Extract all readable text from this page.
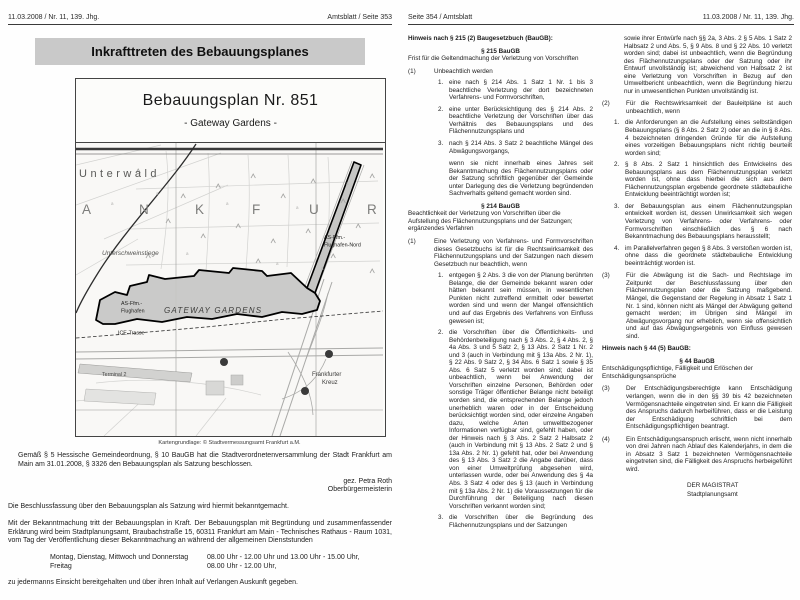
11.03.2008 / Nr. 11, 139. Jhg.	Amtsblatt / Seite 353
Inkrafttreten des Bebauungsplanes
Bebauungsplan Nr. 851
- Gateway Gardens -
a
a
a
a
a
a
a
a
Unterwald
A	N	K	F	U	R
Unterschweinstiege
AS-Ffm.-
Flughafen-Nord
AS-Ffm.-
Flughafen GATEWAY GARDENS
ICE-Trasse
Terminal 2	Frankfurter
Kreuz
Kartengrundlage: © Stadtvermessungsamt Frankfurt a.M.

Gemäß § 5 Hessische Gemeindeordnung, § 10 BauGB hat die Stadtverordnetenversammlung der Stadt Frankfurt am Main am 31.01.2008, § 3326 den Bebauungsplan als Satzung beschlossen.

gez. Petra Roth
Oberbürgermeisterin

Die Beschlussfassung über den Bebauungsplan als Satzung wird hiermit bekanntgemacht.

Mit der Bekanntmachung tritt der Bebauungsplan in Kraft. Der Bebauungsplan mit Begründung und zusammenfassender Erklärung wird beim Stadtplanungsamt, Braubachstraße 15, 60311 Frankfurt am Main - Technisches Rathaus - Raum 1031, vom Tag der Veröffentlichung dieser Bekanntmachung an während der allgemeinen Dienststunden

Montag, Dienstag, Mittwoch und Donnerstag	08.00 Uhr - 12.00 Uhr und 13.00 Uhr - 15.00 Uhr,
Freitag	08.00 Uhr - 12.00 Uhr,

zu jedermanns Einsicht bereitgehalten und über ihren Inhalt auf Verlangen Auskunft gegeben.

Seite 354 / Amtsblatt	11.03.2008 / Nr. 11, 139. Jhg.
Hinweis nach § 215 (2) Baugesetzbuch (BauGB):
§ 215 BauGB
Frist für die Geltendmachung der Verletzung von Vorschriften
(1)	Unbeachtlich werden
1. eine nach § 214 Abs. 1 Satz 1 Nr. 1 bis 3 beachtliche Verletzung der dort bezeichneten Verfahrens- und Formvorschriften,
2. eine unter Berücksichtigung des § 214 Abs. 2 beachtliche Verletzung der Vorschriften über das Verhältnis des Bebauungsplans und des Flächennutzungsplans und
3. nach § 214 Abs. 3 Satz 2 beachtliche Mängel des Abwägungsvorgangs,
wenn sie nicht innerhalb eines Jahres seit Bekanntmachung des Flächennutzungsplans oder der Satzung schriftlich gegenüber der Gemeinde unter Darlegung des die Verletzung begründenden Sachverhalts geltend gemacht worden sind.
§ 214 BauGB
Beachtlichkeit der Verletzung von Vorschriften über die Aufstellung des Flächennutzungsplans und der Satzungen; ergänzendes Verfahren
(1)	Eine Verletzung von Verfahrens- und Formvorschriften dieses Gesetzbuchs ist für die Rechtswirksamkeit des Flächennutzungsplans und der Satzungen nach diesem Gesetzbuch nur beachtlich, wenn
1. entgegen § 2 Abs. 3 die von der Planung berührten Belange, die der Gemeinde bekannt waren oder hätten bekannt sein müssen, in wesentlichen Punkten nicht zutreffend ermittelt oder bewertet worden sind und wenn der Mangel offensichtlich und auf das Ergebnis des Verfahrens von Einfluss gewesen ist;
2. die Vorschriften über die Öffentlichkeits- und Behördenbeteiligung nach § 3 Abs. 2, § 4 Abs. 2, § 4a Abs. 3 und 5 Satz 2, § 13 Abs. 2 Satz 1 Nr. 2 und 3 (auch in Verbindung mit § 13a Abs. 2 Nr. 1), § 22 Abs. 9 Satz 2, § 34 Abs. 6 Satz 1 sowie § 35 Abs. 6 Satz 5 verletzt worden sind; dabei ist unbeachtlich, wenn bei Anwendung der Vorschriften einzelne Personen, Behörden oder sonstige Träger öffentlicher Belange nicht beteiligt worden sind, die entsprechenden Belange jedoch unerheblich waren oder in der Entscheidung berücksichtigt worden sind, oder einzelne Angaben dazu, welche Arten umweltbezogener Informationen verfügbar sind, gefehlt haben, oder der Hinweis nach § 3 Abs. 2 Satz 2 Halbsatz 2 (auch in Verbindung mit § 13 Abs. 2 Satz 2 und § 13a Abs. 2 Nr. 1) gefehlt hat, oder bei Anwendung des § 13 Abs. 3 Satz 2 die Angabe darüber, dass von einer Umweltprüfung abgesehen wird, unterlassen wurde, oder bei Anwendung des § 4a Abs. 3 Satz 4 oder des § 13 (auch in Verbindung mit § 13a Abs. 2 Nr. 1) die Voraussetzungen für die Durchführung der Beteiligung nach diesen Vorschriften verkannt worden sind;
3. die Vorschriften über die Begründung des Flächennutzungsplans und der Satzungen
sowie ihrer Entwürfe nach §§ 2a, 3 Abs. 2 § 5 Abs. 1 Satz 2 Halbsatz 2 und Abs. 5, § 9 Abs. 8 und § 22 Abs. 10 verletzt worden sind; dabei ist unbeachtlich, wenn die Begründung des Flächennutzungsplans oder der Satzung oder ihr Entwurf unvollständig ist; abweichend von Halbsatz 2 ist eine Verletzung von Vorschriften in Bezug auf den Umweltbericht unbeachtlich, wenn die Begründung hierzu nur in unwesentlichen Punkten unvollständig ist.
(2)	Für die Rechtswirksamkeit der Bauleitpläne ist auch unbeachtlich, wenn
1. die Anforderungen an die Aufstellung eines selbständigen Bebauungsplans (§ 8 Abs. 2 Satz 2) oder an die in § 8 Abs. 4 bezeichneten dringenden Gründe für die Aufstellung eines vorzeitigen Bebauungsplans nicht richtig beurteilt worden sind;
2. § 8 Abs. 2 Satz 1 hinsichtlich des Entwickelns des Bebauungsplans aus dem Flächennutzungsplan verletzt worden ist, ohne dass hierbei die sich aus dem Flächennutzungsplan ergebende geordnete städtebauliche Entwicklung beeinträchtigt worden ist;
3. der Bebauungsplan aus einem Flächennutzungsplan entwickelt worden ist, dessen Unwirksamkeit sich wegen Verletzung von Verfahrens- oder Verfahrens- oder Formvorschriften einschließlich des § 6 nach Bekanntmachung des Bebauungsplans herausstellt;
4. im Parallelverfahren gegen § 8 Abs. 3 verstoßen worden ist, ohne dass die geordnete städtebauliche Entwicklung beeinträchtigt worden ist.
(3)	Für die Abwägung ist die Sach- und Rechtslage im Zeitpunkt der Beschlussfassung über den Flächennutzungsplan oder die Satzung maßgebend. Mängel, die Gegenstand der Regelung in Absatz 1 Satz 1 Nr. 1 sind, können nicht als Mängel der Abwägung geltend gemacht werden; im Übrigen sind Mängel im Abwägungsvorgang nur erheblich, wenn sie offensichtlich und auf das Abwägungsergebnis von Einfluss gewesen sind.
Hinweis nach § 44 (5) BauGB:
§ 44 BauGB
Entschädigungspflichtige, Fälligkeit und Erlöschen der Entschädigungsansprüche
(3)	Der Entschädigungsberechtigte kann Entschädigung verlangen, wenn die in den §§ 39 bis 42 bezeichneten Vermögensnachteile eingetreten sind. Er kann die Fälligkeit des Anspruchs dadurch herbeiführen, dass er die Leistung der Entschädigung schriftlich bei dem Entschädigungspflichtigen beantragt.
(4)	Ein Entschädigungsanspruch erlischt, wenn nicht innerhalb von drei Jahren nach Ablauf des Kalenderjahrs, in dem die in Absatz 3 Satz 1 bezeichneten Vermögensnachteile eingetreten sind, die Fälligkeit des Anspruchs herbeigeführt wird.
DER MAGISTRAT
Stadtplanungsamt
